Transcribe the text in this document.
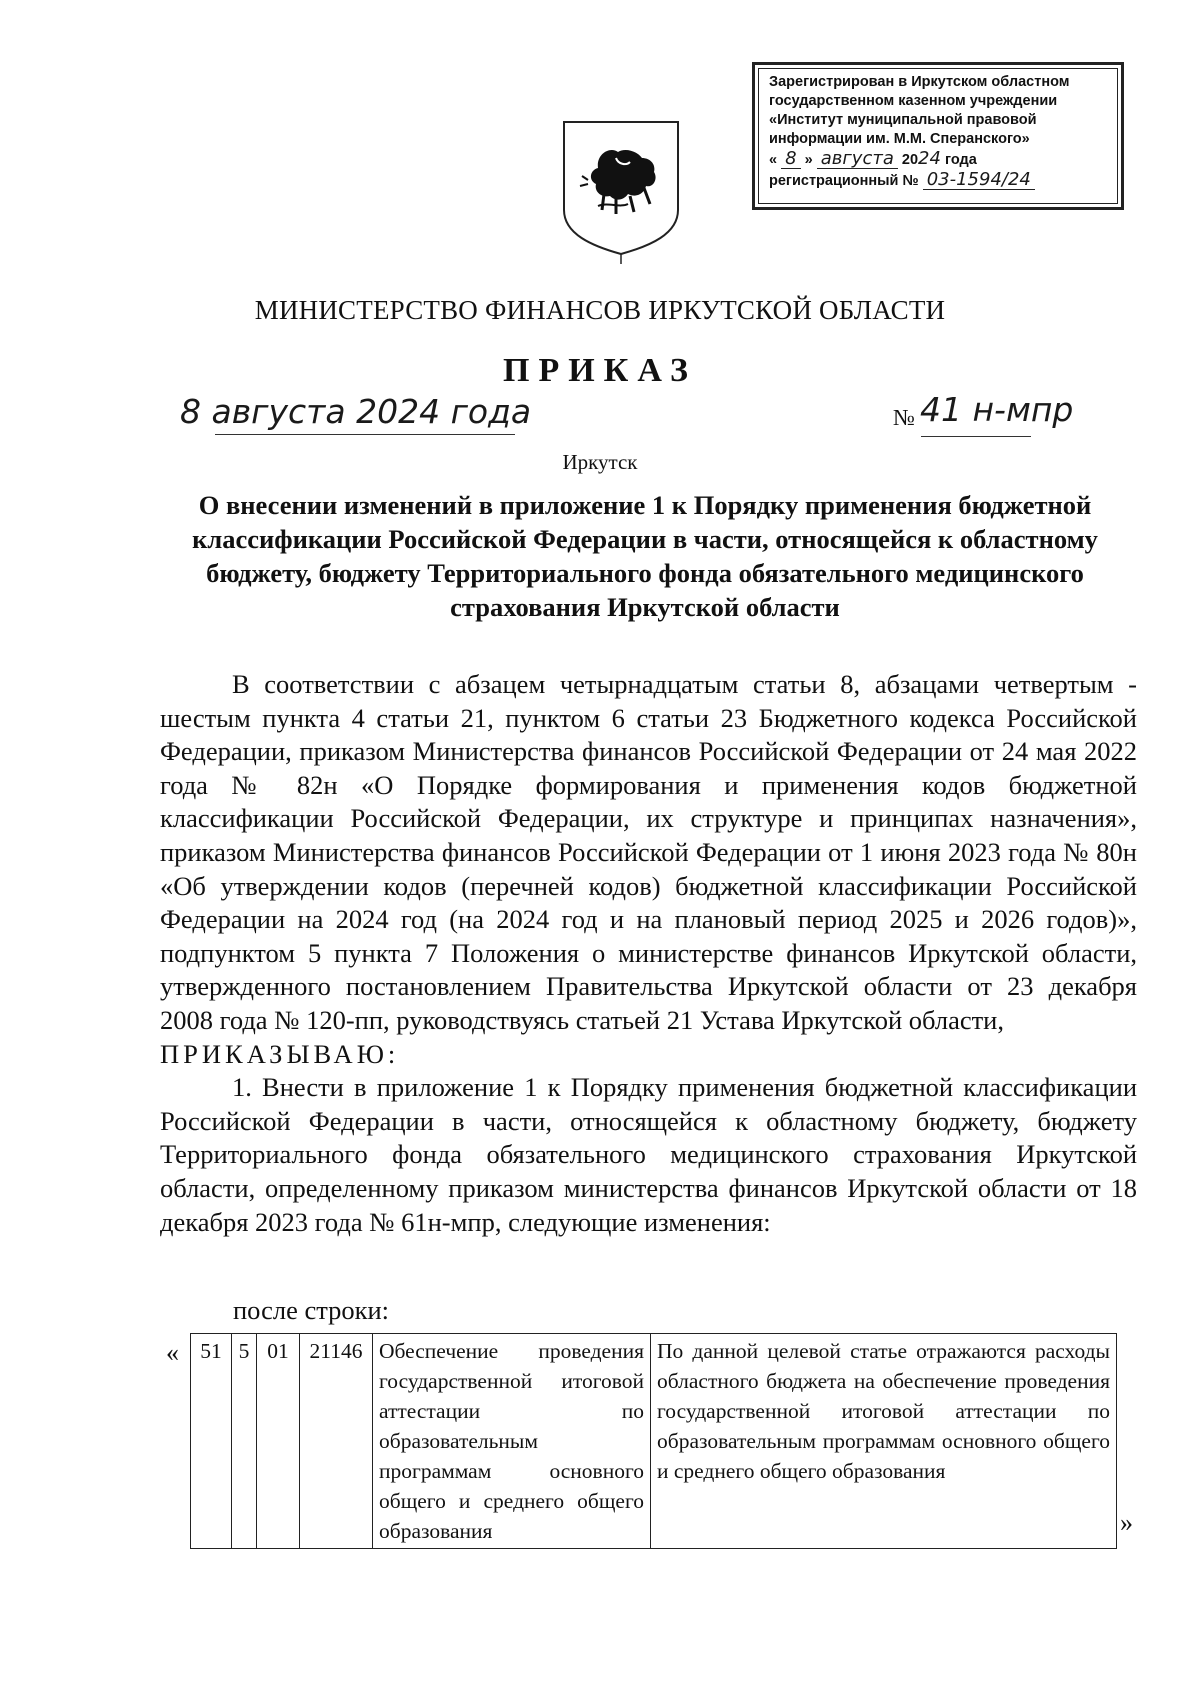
Зарегистрирован в Иркутском областном
государственном казенном учреждении
«Институт муниципальной правовой
информации им. М.М. Сперанского»
« 8 » августа 2024 года
регистрационный № 03-1594/24
МИНИСТЕРСТВО ФИНАНСОВ ИРКУТСКОЙ ОБЛАСТИ
ПРИКАЗ
8 августа 2024 года	№ 41 н-мпр
Иркутск
О внесении изменений в приложение 1 к Порядку применения бюджетной классификации Российской Федерации в части, относящейся к областному бюджету, бюджету Территориального фонда обязательного медицинского страхования Иркутской области

В соответствии с абзацем четырнадцатым статьи 8, абзацами четвертым - шестым пункта 4 статьи 21, пунктом 6 статьи 23 Бюджетного кодекса Российской Федерации, приказом Министерства финансов Российской Федерации от 24 мая 2022 года № 82н «О Порядке формирования и применения кодов бюджетной классификации Российской Федерации, их структуре и принципах назначения», приказом Министерства финансов Российской Федерации от 1 июня 2023 года № 80н «Об утверждении кодов (перечней кодов) бюджетной классификации Российской Федерации на 2024 год (на 2024 год и на плановый период 2025 и 2026 годов)», подпунктом 5 пункта 7 Положения о министерстве финансов Иркутской области, утвержденного постановлением Правительства Иркутской области от 23 декабря 2008 года № 120-пп, руководствуясь статьей 21 Устава Иркутской области,

ПРИКАЗЫВАЮ:

1. Внести в приложение 1 к Порядку применения бюджетной классификации Российской Федерации в части, относящейся к областному бюджету, бюджету Территориального фонда обязательного медицинского страхования Иркутской области, определенному приказом министерства финансов Иркутской области от 18 декабря 2023 года № 61н-мпр, следующие изменения:

после строки:
« 51	5	01	21146	Обеспечение проведения государственной итоговой аттестации по образовательным программам основного общего и среднего общего образования	По данной целевой статье отражаются расходы областного бюджета на обеспечение проведения государственной итоговой аттестации по образовательным программам основного общего и среднего общего образования
»
